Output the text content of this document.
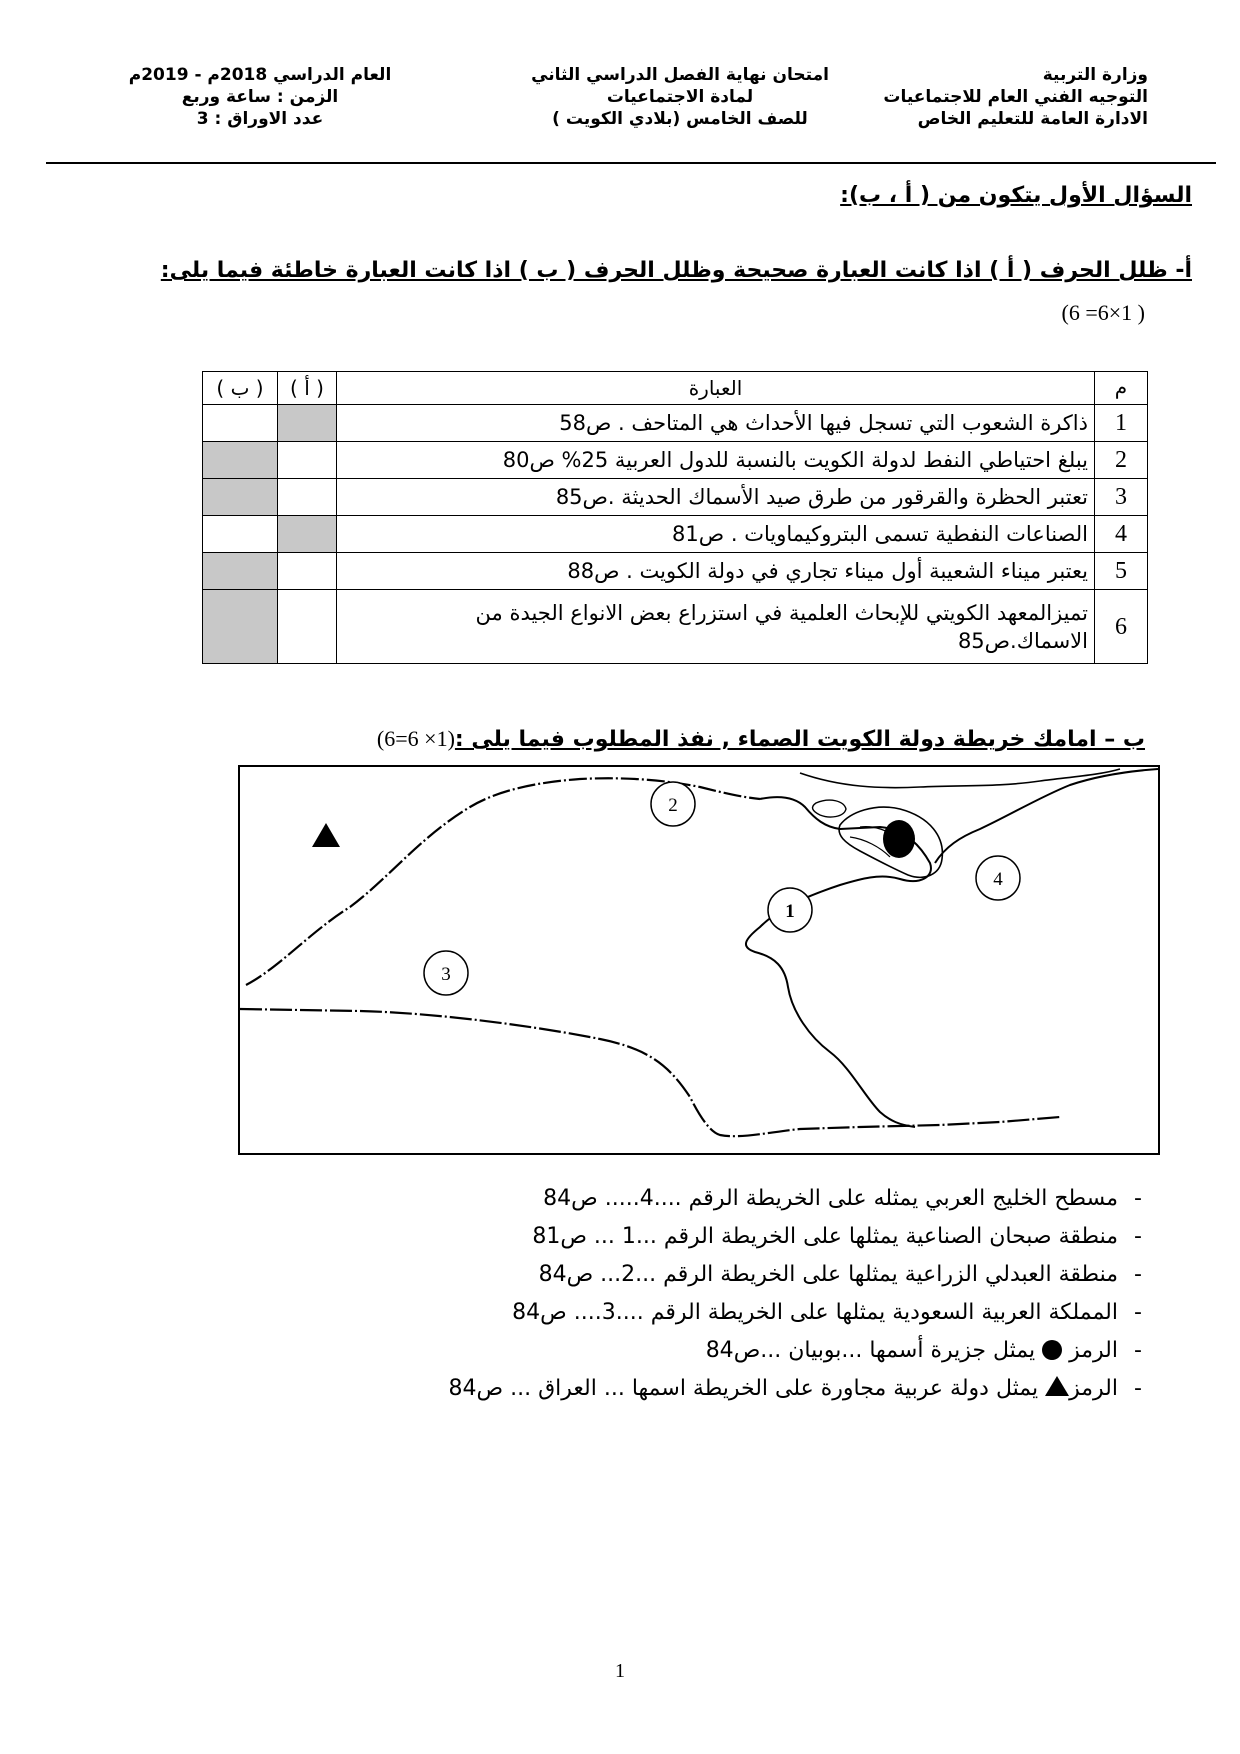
وزارة التربية
التوجيه الفني العام للاجتماعيات
الادارة العامة للتعليم الخاص
امتحان نهاية الفصل الدراسي الثاني
لمادة الاجتماعيات
للصف الخامس (بلادي الكويت )
العام الدراسي 2018م - 2019م
الزمن : ساعة وربع
عدد الاوراق : 3
السؤال الأول يتكون من ( أ ، ب):
أ- ظلل الحرف ( أ ) اذا كانت العبارة صحيحة وظلل الحرف ( ب ) اذا كانت العبارة خاطئة فيما يلى:
(6 =6×1 )
م	العبارة	( أ )	( ب )
1	ذاكرة الشعوب التي تسجل فيها الأحداث هي المتاحف . ص58		
2	يبلغ احتياطي النفط لدولة الكويت بالنسبة للدول العربية 25% ص80		
3	تعتبر الحظرة والقرقور من طرق صيد الأسماك الحديثة .ص85		
4	الصناعات النفطية تسمى البتروكيماويات . ص81		
5	يعتبر ميناء الشعيبة أول ميناء تجاري في دولة الكويت . ص88		
6	تميزالمعهد الكويتي للإبحاث العلمية في استزراع بعض الانواع الجيدة من الاسماك.ص85		
ب – امامك خريطة دولة الكويت الصماء , نفذ المطلوب فيما يلى :(1× 6=6)
2
1
4
3
-مسطح الخليج العربي يمثله على الخريطة الرقم ....4..... ص84
-منطقة صبحان الصناعية يمثلها على الخريطة الرقم ...1 ... ص81
-منطقة العبدلي الزراعية يمثلها على الخريطة الرقم ...2... ص84
-المملكة العربية السعودية يمثلها على الخريطة الرقم ....3.... ص84
-الرمز  يمثل جزيرة أسمها ...بوبيان ...ص84
-الرمز يمثل دولة عربية مجاورة على الخريطة اسمها ... العراق ... ص84
1
